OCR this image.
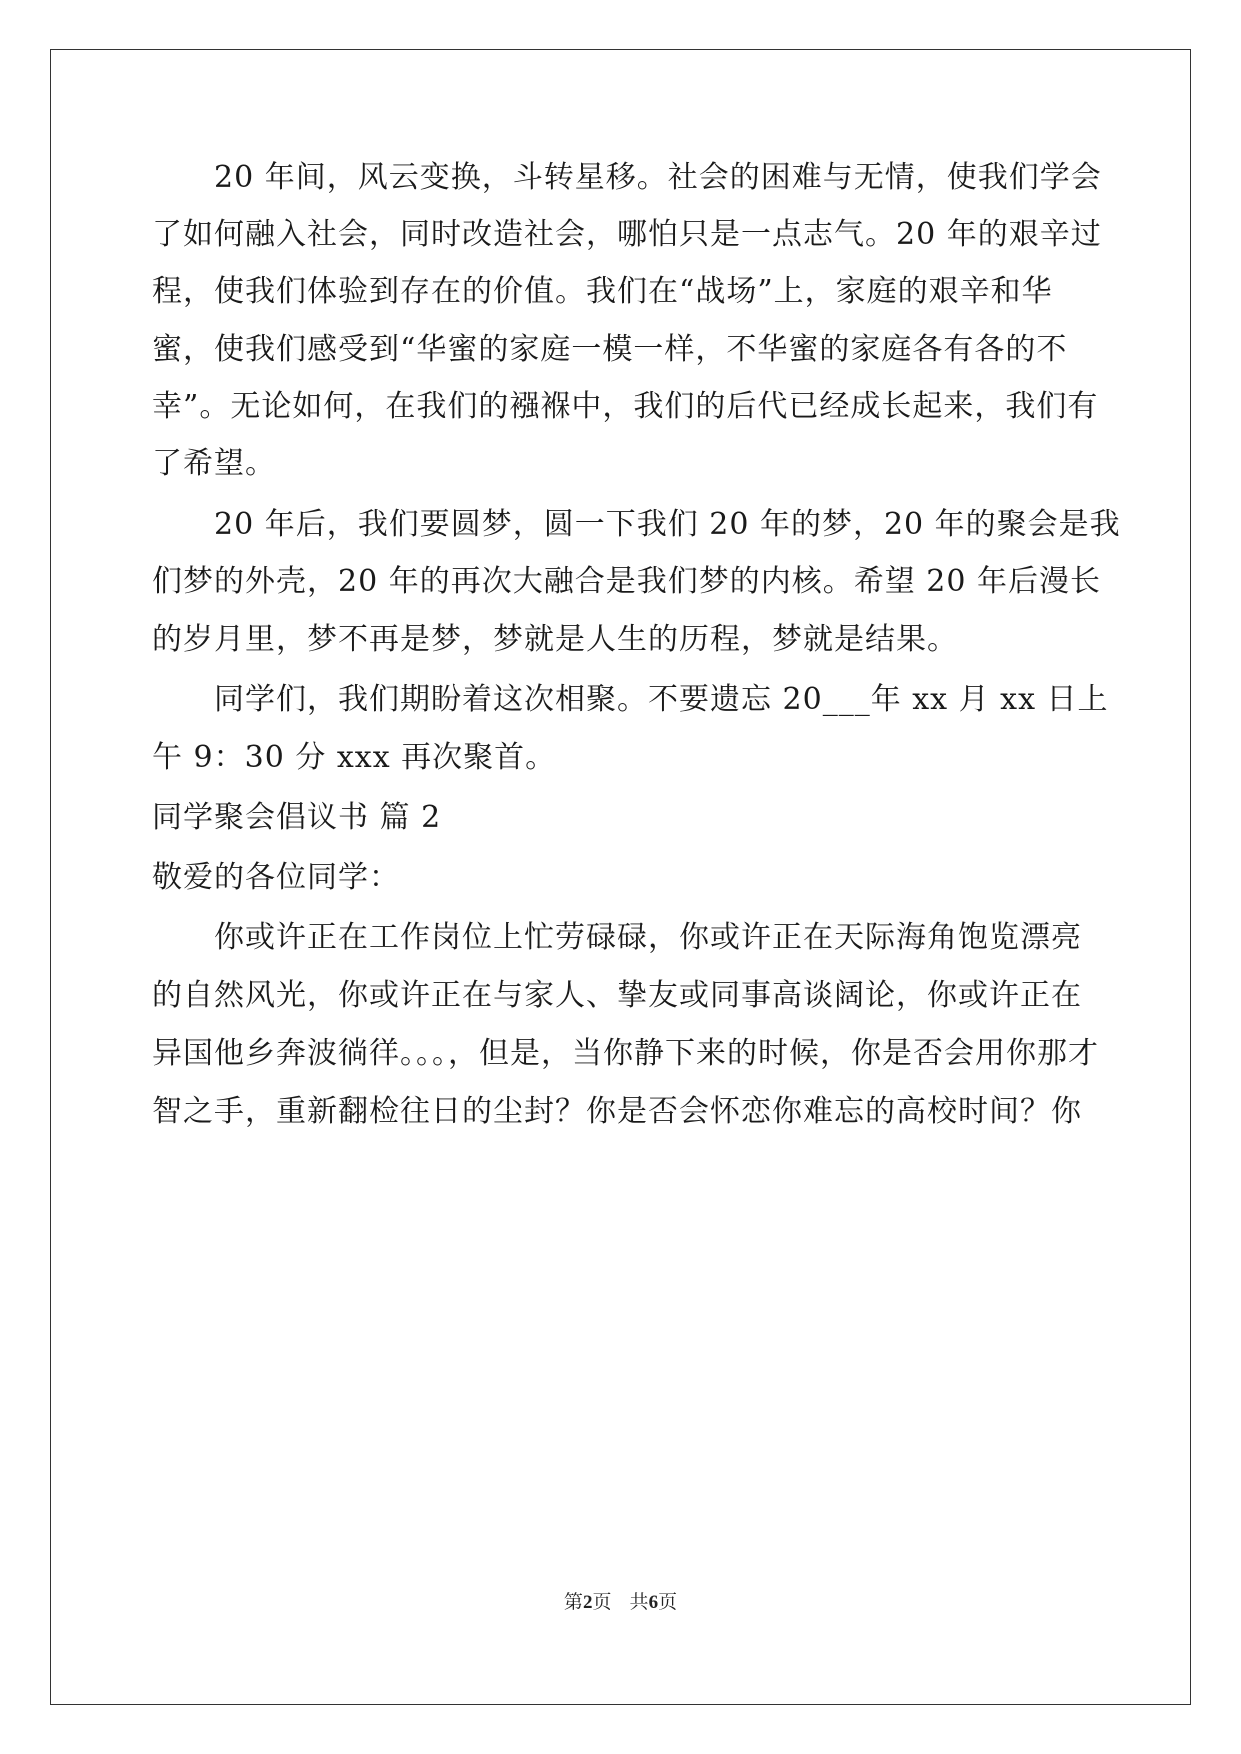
　　20 年间，风云变换，斗转星移。社会的困难与无情，使我们学会
了如何融入社会，同时改造社会，哪怕只是一点志气。20 年的艰辛过
程，使我们体验到存在的价值。我们在“战场”上，家庭的艰辛和华
蜜，使我们感受到“华蜜的家庭一模一样，不华蜜的家庭各有各的不
幸”。无论如何，在我们的襁褓中，我们的后代已经成长起来，我们有
了希望。
　　20 年后，我们要圆梦，圆一下我们 20 年的梦，20 年的聚会是我
们梦的外壳，20 年的再次大融合是我们梦的内核。希望 20 年后漫长
的岁月里，梦不再是梦，梦就是人生的历程，梦就是结果。
　　同学们，我们期盼着这次相聚。不要遗忘 20___年 xx 月 xx 日上
午 9：30 分 xxx 再次聚首。
同学聚会倡议书 篇 2
敬爱的各位同学：
　　你或许正在工作岗位上忙劳碌碌，你或许正在天际海角饱览漂亮
的自然风光，你或许正在与家人、挚友或同事高谈阔论，你或许正在
异国他乡奔波徜徉。。。，但是，当你静下来的时候，你是否会用你那才
智之手，重新翻检往日的尘封？你是否会怀恋你难忘的高校时间？你
第2页   共6页
